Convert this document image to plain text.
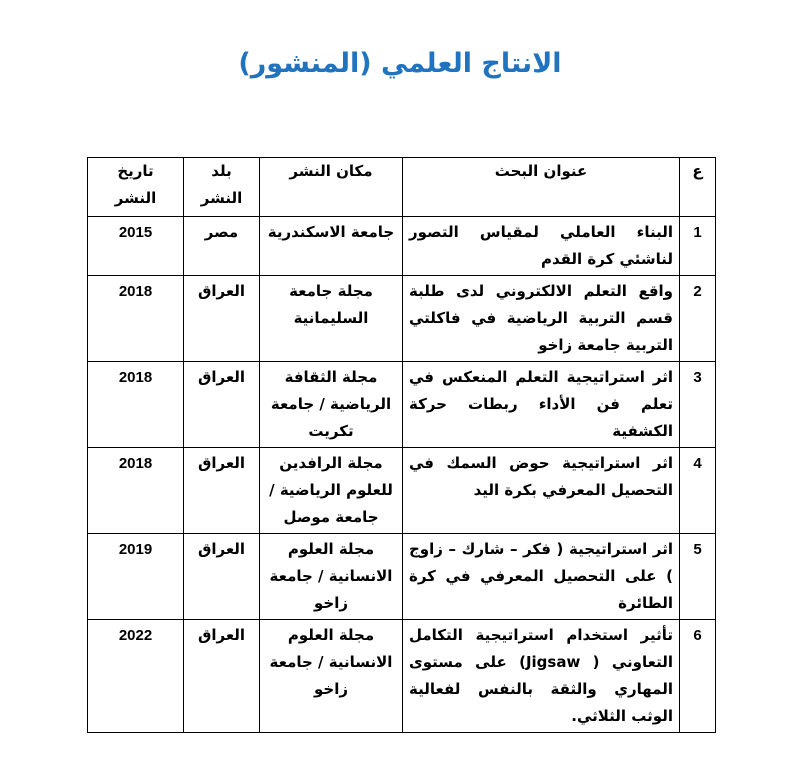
الانتاج العلمي (المنشور)
ع	عنوان البحث	مكان النشر	بلد النشر	تاريخ النشر
1	البناء العاملي لمقياس التصور لناشئي كرة القدم	جامعة الاسكندرية	مصر	2015
2	واقع التعلم الالكتروني لدى طلبة قسم التربية الرياضية في فاكلتي التربية جامعة زاخو	مجلة جامعة السليمانية	العراق	2018
3	اثر استراتيجية التعلم المنعكس في تعلم فن الأداء ربطات حركة الكشفية	مجلة الثقافة الرياضية / جامعة تكريت	العراق	2018
4	اثر استراتيجية حوض السمك في التحصيل المعرفي بكرة اليد	مجلة الرافدين للعلوم الرياضية / جامعة موصل	العراق	2018
5	اثر استراتيجية ( فكر – شارك – زاوج ) على التحصيل المعرفي في كرة الطائرة	مجلة العلوم الانسانية / جامعة زاخو	العراق	2019
6	تأثير استخدام استراتيجية التكامل التعاوني ( Jigsaw) على مستوى المهاري والثقة بالنفس لفعالية الوثب الثلاثي.	مجلة العلوم الانسانية / جامعة زاخو	العراق	2022
